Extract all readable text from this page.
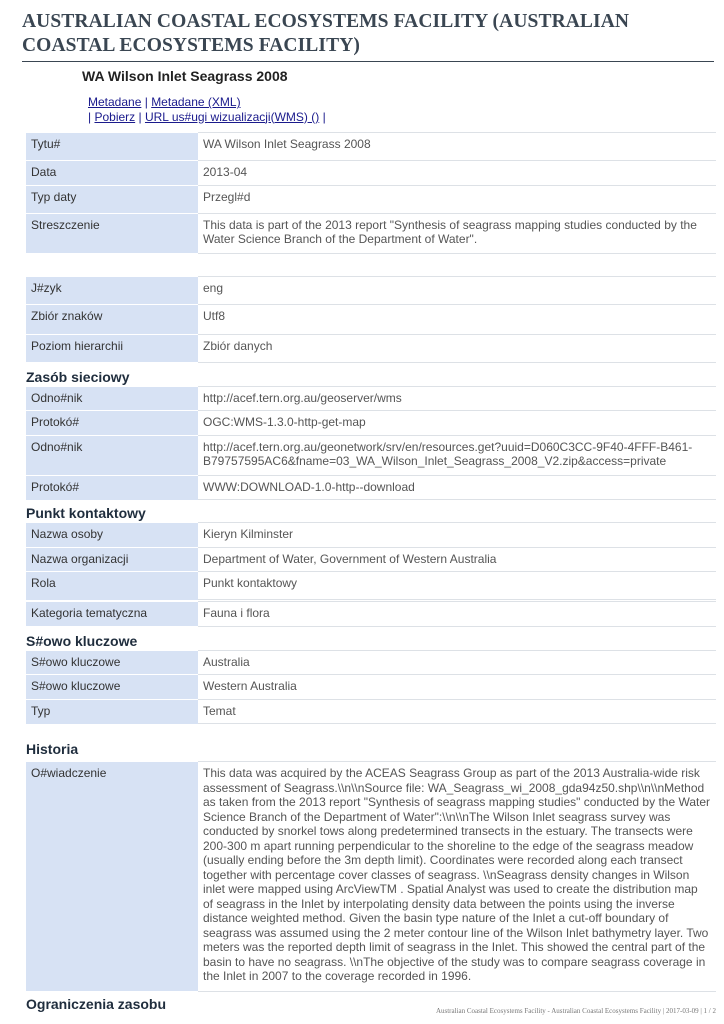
AUSTRALIAN COASTAL ECOSYSTEMS FACILITY (AUSTRALIAN COASTAL ECOSYSTEMS FACILITY)
WA Wilson Inlet Seagrass 2008
Metadane | Metadane (XML)
| Pobierz | URL us#ugi wizualizacji(WMS) () |
Tytu#	WA Wilson Inlet Seagrass 2008
Data	2013-04
Typ daty	Przegl#d
Streszczenie	This data is part of the 2013 report "Synthesis of seagrass mapping studies conducted by the Water Science Branch of the Department of Water".
J#zyk	eng
Zbiór znaków	Utf8
Poziom hierarchii	Zbiór danych
Zasób sieciowy
Odno#nik	http://acef.tern.org.au/geoserver/wms
Protokó#	OGC:WMS-1.3.0-http-get-map
Odno#nik	http://acef.tern.org.au/geonetwork/srv/en/resources.get?uuid=D060C3CC-9F40-4FFF-B461-B79757595AC6&fname=03_WA_Wilson_Inlet_Seagrass_2008_V2.zip&access=private
Protokó#	WWW:DOWNLOAD-1.0-http--download
Punkt kontaktowy
Nazwa osoby	Kieryn Kilminster
Nazwa organizacji	Department of Water, Government of Western Australia
Rola	Punkt kontaktowy
Kategoria tematyczna	Fauna i flora
S#owo kluczowe
S#owo kluczowe	Australia
S#owo kluczowe	Western Australia
Typ	Temat
Historia
O#wiadczenie	This data was acquired by the ACEAS Seagrass Group as part of the 2013 Australia-wide risk assessment of Seagrass.\\n\\nSource file: WA_Seagrass_wi_2008_gda94z50.shp\\n\\nMethod as taken from the 2013 report "Synthesis of seagrass mapping studies" conducted by the Water Science Branch of the Department of Water":\\n\\nThe Wilson Inlet seagrass survey was conducted by snorkel tows along predetermined transects in the estuary. The transects were 200-300 m apart running perpendicular to the shoreline to the edge of the seagrass meadow (usually ending before the 3m depth limit). Coordinates were recorded along each transect together with percentage cover classes of seagrass. \\nSeagrass density changes in Wilson inlet were mapped using ArcViewTM . Spatial Analyst was used to create the distribution map of seagrass in the Inlet by interpolating density data between the points using the inverse distance weighted method. Given the basin type nature of the Inlet a cut-off boundary of seagrass was assumed using the 2 meter contour line of the Wilson Inlet bathymetry layer. Two meters was the reported depth limit of seagrass in the Inlet. This showed the central part of the basin to have no seagrass. \\nThe objective of the study was to compare seagrass coverage in the Inlet in 2007 to the coverage recorded in 1996.
Ograniczenia zasobu	Australian Coastal Ecosystems Facility - Australian Coastal Ecosystems Facility | 2017-03-09 | 1 / 2
